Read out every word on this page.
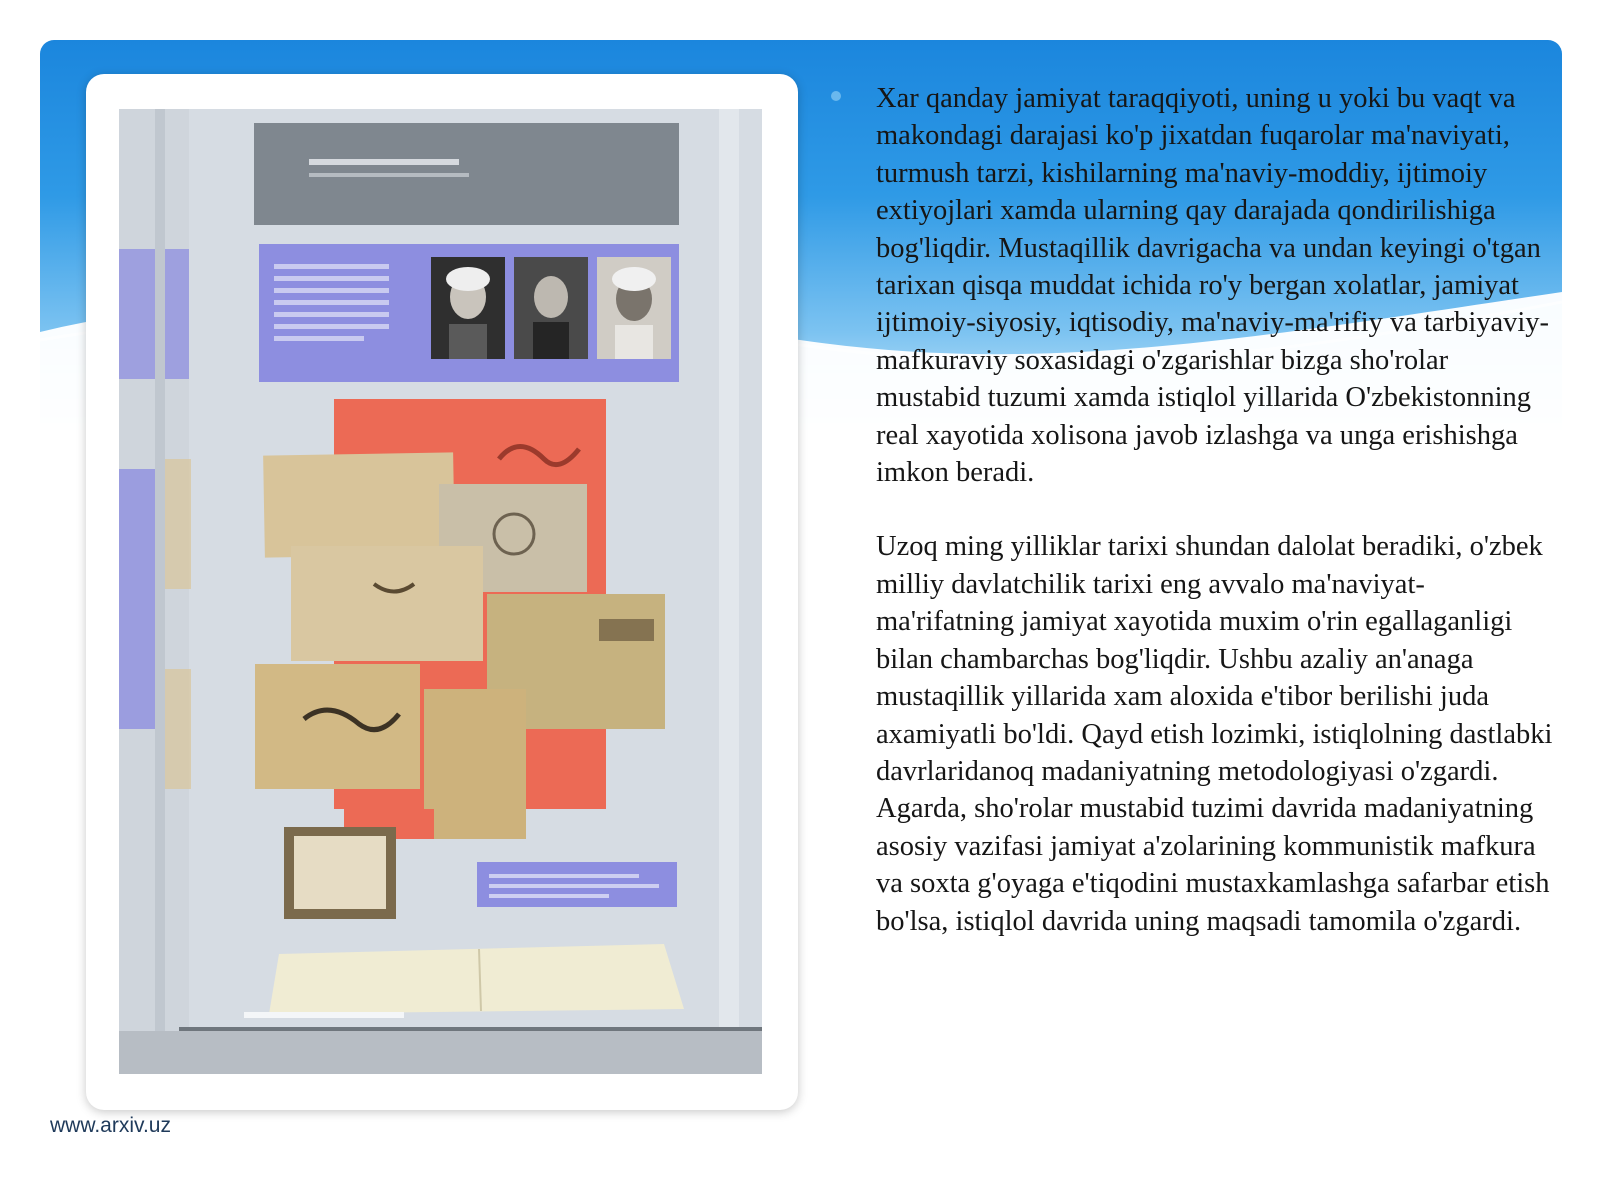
Xar qanday jamiyat taraqqiyoti, uning u yoki bu vaqt va makondagi darajasi ko'p jixatdan fuqarolar ma'naviyati, turmush tarzi, kishilarning ma'naviy-moddiy, ijtimoiy extiyojlari xamda ularning qay darajada qondirilishiga bog'liqdir. Mustaqillik davrigacha va undan keyingi o'tgan tarixan qisqa muddat ichida ro'y bergan xolatlar, jamiyat ijtimoiy-siyosiy, iqtisodiy, ma'naviy-ma'rifiy va tarbiyaviy-mafkuraviy soxasidagi o'zgarishlar bizga sho'rolar mustabid tuzumi xamda istiqlol yillarida O'zbekistonning real xayotida xolisona javob izlashga va unga erishishga imkon beradi.

Uzoq ming yilliklar tarixi shundan dalolat beradiki, o'zbek milliy davlatchilik tarixi eng avvalo ma'naviyat-ma'rifatning jamiyat xayotida muxim o'rin egallaganligi bilan chambarchas bog'liqdir. Ushbu azaliy an'anaga mustaqillik yillarida xam aloxida e'tibor berilishi juda axamiyatli bo'ldi. Qayd etish lozimki, istiqlolning dastlabki davrlaridanoq madaniyatning metodologiyasi o'zgardi. Agarda, sho'rolar mustabid tuzimi davrida madaniyatning asosiy vazifasi jamiyat a'zolarining kommunistik mafkura va soxta g'oyaga e'tiqodini mustaxkamlashga safarbar etish bo'lsa, istiqlol davrida uning maqsadi tamomila o'zgardi.

www.arxiv.uz
